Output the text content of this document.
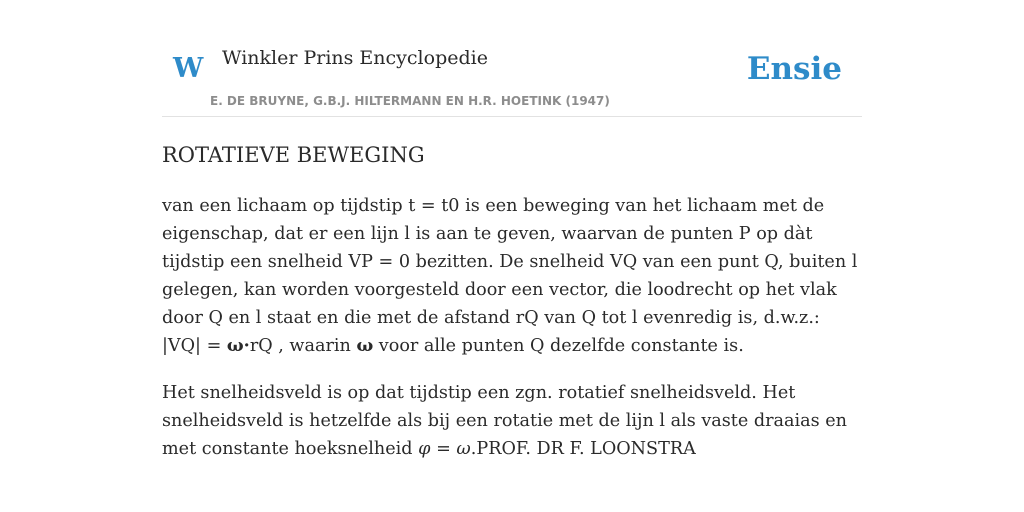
W Winkler Prins Encyclopedie
E. DE BRUYNE, G.B.J. HILTERMANN EN H.R. HOETINK (1947)
Ensie
ROTATIEVE BEWEGING

van een lichaam op tijdstip t = t0 is een beweging van het lichaam met de eigenschap, dat er een lijn l is aan te geven, waarvan de punten P op dàt tijdstip een snelheid VP = 0 bezitten. De snelheid VQ van een punt Q, buiten l gelegen, kan worden voorgesteld door een vector, die loodrecht op het vlak door Q en l staat en die met de afstand rQ van Q tot l evenredig is, d.w.z.: |VQ| = ω·rQ , waarin ω voor alle punten Q dezelfde constante is.

Het snelheidsveld is op dat tijdstip een zgn. rotatief snelheidsveld. Het snelheidsveld is hetzelfde als bij een rotatie met de lijn l als vaste draaias en met constante hoeksnelheid φ = ω.PROF. DR F. LOONSTRA
